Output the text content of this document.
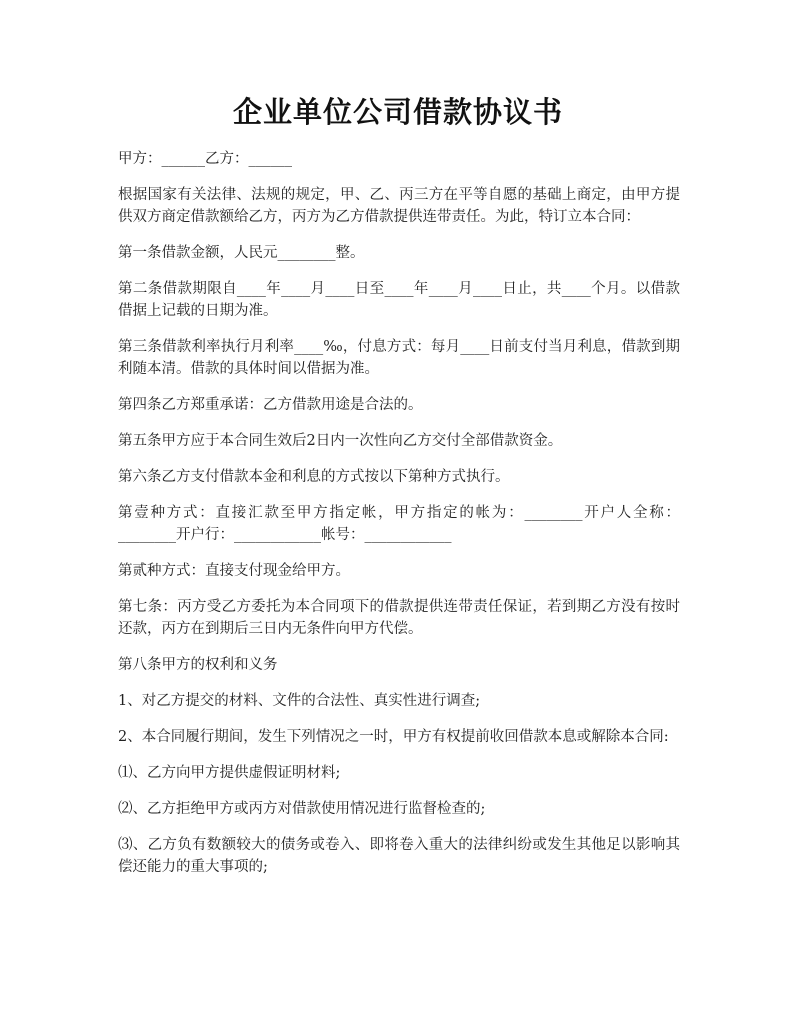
企业单位公司借款协议书

甲方：______乙方：______

根据国家有关法律、法规的规定，甲、乙、丙三方在平等自愿的基础上商定，由甲方提供双方商定借款额给乙方，丙方为乙方借款提供连带责任。为此，特订立本合同：

第一条借款金额，人民元________整。

第二条借款期限自____年____月____日至____年____月____日止，共____个月。以借款借据上记载的日期为准。

第三条借款利率执行月利率____‰，付息方式：每月____日前支付当月利息，借款到期利随本清。借款的具体时间以借据为准。

第四条乙方郑重承诺：乙方借款用途是合法的。

第五条甲方应于本合同生效后2日内一次性向乙方交付全部借款资金。

第六条乙方支付借款本金和利息的方式按以下第种方式执行。

第壹种方式：直接汇款至甲方指定帐，甲方指定的帐为：________开户人全称：________开户行：____________帐号：____________

第贰种方式：直接支付现金给甲方。

第七条：丙方受乙方委托为本合同项下的借款提供连带责任保证，若到期乙方没有按时还款，丙方在到期后三日内无条件向甲方代偿。

第八条甲方的权利和义务

1、对乙方提交的材料、文件的合法性、真实性进行调查;

2、本合同履行期间，发生下列情况之一时，甲方有权提前收回借款本息或解除本合同:

⑴、乙方向甲方提供虚假证明材料;

⑵、乙方拒绝甲方或丙方对借款使用情况进行监督检查的;

⑶、乙方负有数额较大的债务或卷入、即将卷入重大的法律纠纷或发生其他足以影响其偿还能力的重大事项的;
